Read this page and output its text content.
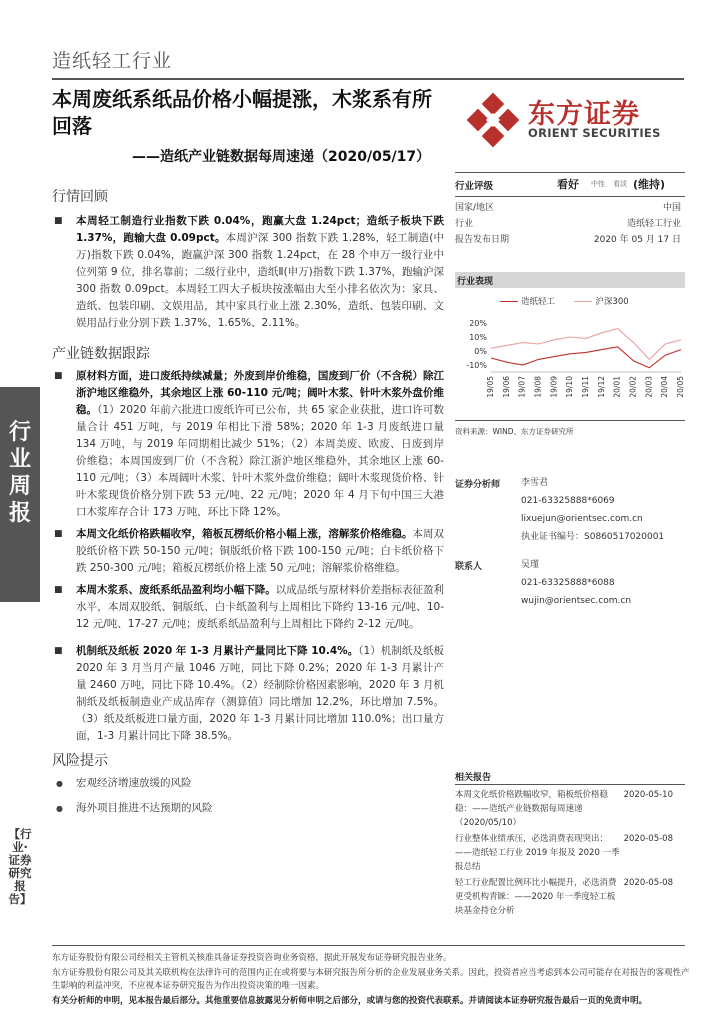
造纸轻工行业
本周废纸系纸品价格小幅提涨，木浆系有所回落
——造纸产业链数据每周速递（2020/05/17）
东方证券
ORIENT SECURITIES
行情回顾
■ 本周轻工制造行业指数下跌 0.04%，跑赢大盘 1.24pct；造纸子板块下跌 1.37%，跑输大盘 0.09pct。本周沪深 300 指数下跌 1.28%，轻工制造(中万)指数下跌 0.04%，跑赢沪深 300 指数 1.24pct，在 28 个申万一级行业中位列第 9 位，排名靠前；二级行业中，造纸Ⅱ(申万)指数下跌 1.37%，跑输沪深 300 指数 0.09pct。本周轻工四大子板块按涨幅由大至小排名依次为：家具、造纸、包装印刷、文娱用品，其中家具行业上涨 2.30%，造纸、包装印刷、文娱用品行业分别下跌 1.37%、1.65%、2.11%。
产业链数据跟踪
■ 原材料方面，进口废纸持续减量；外废到岸价维稳，国废到厂价（不含税）除江浙沪地区维稳外，其余地区上涨 60-110 元/吨；阔叶木浆、针叶木浆外盘价维稳。（1）2020 年前六批进口废纸许可已公布，共 65 家企业获批，进口许可数量合计 451 万吨，与 2019 年相比下滑 58%；2020 年 1-3 月废纸进口量 134 万吨，与 2019 年同期相比减少 51%；（2）本周美废、欧废、日废到岸价维稳；本周国废到厂价（不含税）除江浙沪地区维稳外，其余地区上涨 60-110 元/吨；（3）本周阔叶木浆、针叶木浆外盘价维稳；阔叶木浆现货价格、针叶木浆现货价格分别下跌 53 元/吨、22 元/吨；2020 年 4 月下旬中国三大港口木浆库存合计 173 万吨，环比下降 12%。
■ 本周文化纸价格跌幅收窄，箱板瓦楞纸价格小幅上涨，溶解浆价格维稳。本周双胶纸价格下跌 50-150 元/吨；铜版纸价格下跌 100-150 元/吨；白卡纸价格下跌 250-300 元/吨；箱板瓦楞纸价格上涨 50 元/吨；溶解浆价格维稳。
■ 本周木浆系、废纸系纸品盈利均小幅下降。以成品纸与原材料价差指标表征盈利水平，本周双胶纸、铜版纸、白卡纸盈利与上周相比下降约 13-16 元/吨、10-12 元/吨、17-27 元/吨；废纸系纸品盈利与上周相比下降约 2-12 元/吨。
■ 机制纸及纸板 2020 年 1-3 月累计产量同比下降 10.4%。（1）机制纸及纸板 2020 年 3 月当月产量 1046 万吨，同比下降 0.2%；2020 年 1-3 月累计产量 2460 万吨，同比下降 10.4%。（2）经制除价格因素影响，2020 年 3 月机制纸及纸板制造业产成品库存（测算值）同比增加 12.2%，环比增加 7.5%。（3）纸及纸板进口量方面，2020 年 1-3 月累计同比增加 110.0%；出口量方面，1-3 月累计同比下降 38.5%。
风险提示
● 宏观经济增速放缓的风险
● 海外项目推进不达预期的风险
行
业
周
报
【行业·证券研究报告】
行业评级	看好 中性 看淡 (维持)
国家/地区	中国
行业	造纸轻工行业
报告发布日期	2020 年 05 月 17 日
行业表现
造纸轻工	沪深300
20%
10%
0%
-10%
19/05 19/06 19/07 19/08 19/09 19/10 19/11 19/12 20/01 20/02 20/03 20/04 20/05
资料来源：WIND、东方证券研究所
证券分析师 李雪君
021-63325888*6069
lixuejun@orientsec.com.cn
执业证书编号：S0860517020001
联系人	吴瑾
021-63325888*6088
wujin@orientsec.com.cn
相关报告
本周文化纸价格跌幅收窄，箱板纸价格稳稳：——造纸产业链数据每周速递（2020/05/10）
2020-05-10
行业整体业绩承压，必选消费表现突出：——造纸轻工行业 2019 年报及 2020 一季报总结
2020-05-08
轻工行业配置比例环比小幅提升，必选消费更受机构青睐：——2020 年一季度轻工板块基金持仓分析
2020-05-08
东方证券股份有限公司经相关主管机关核准具备证券投资咨询业务资格，据此开展发布证券研究报告业务。
东方证券股份有限公司及其关联机构在法律许可的范围内正在或将要与本研究报告所分析的企业发展业务关系。因此，投资者应当考虑到本公司可能存在对报告的客观性产生影响的利益冲突，不应视本证券研究报告为作出投资决策的唯一因素。
有关分析师的申明，见本报告最后部分。其他重要信息披露见分析师申明之后部分，或请与您的投资代表联系。并请阅读本证券研究报告最后一页的免责申明。
